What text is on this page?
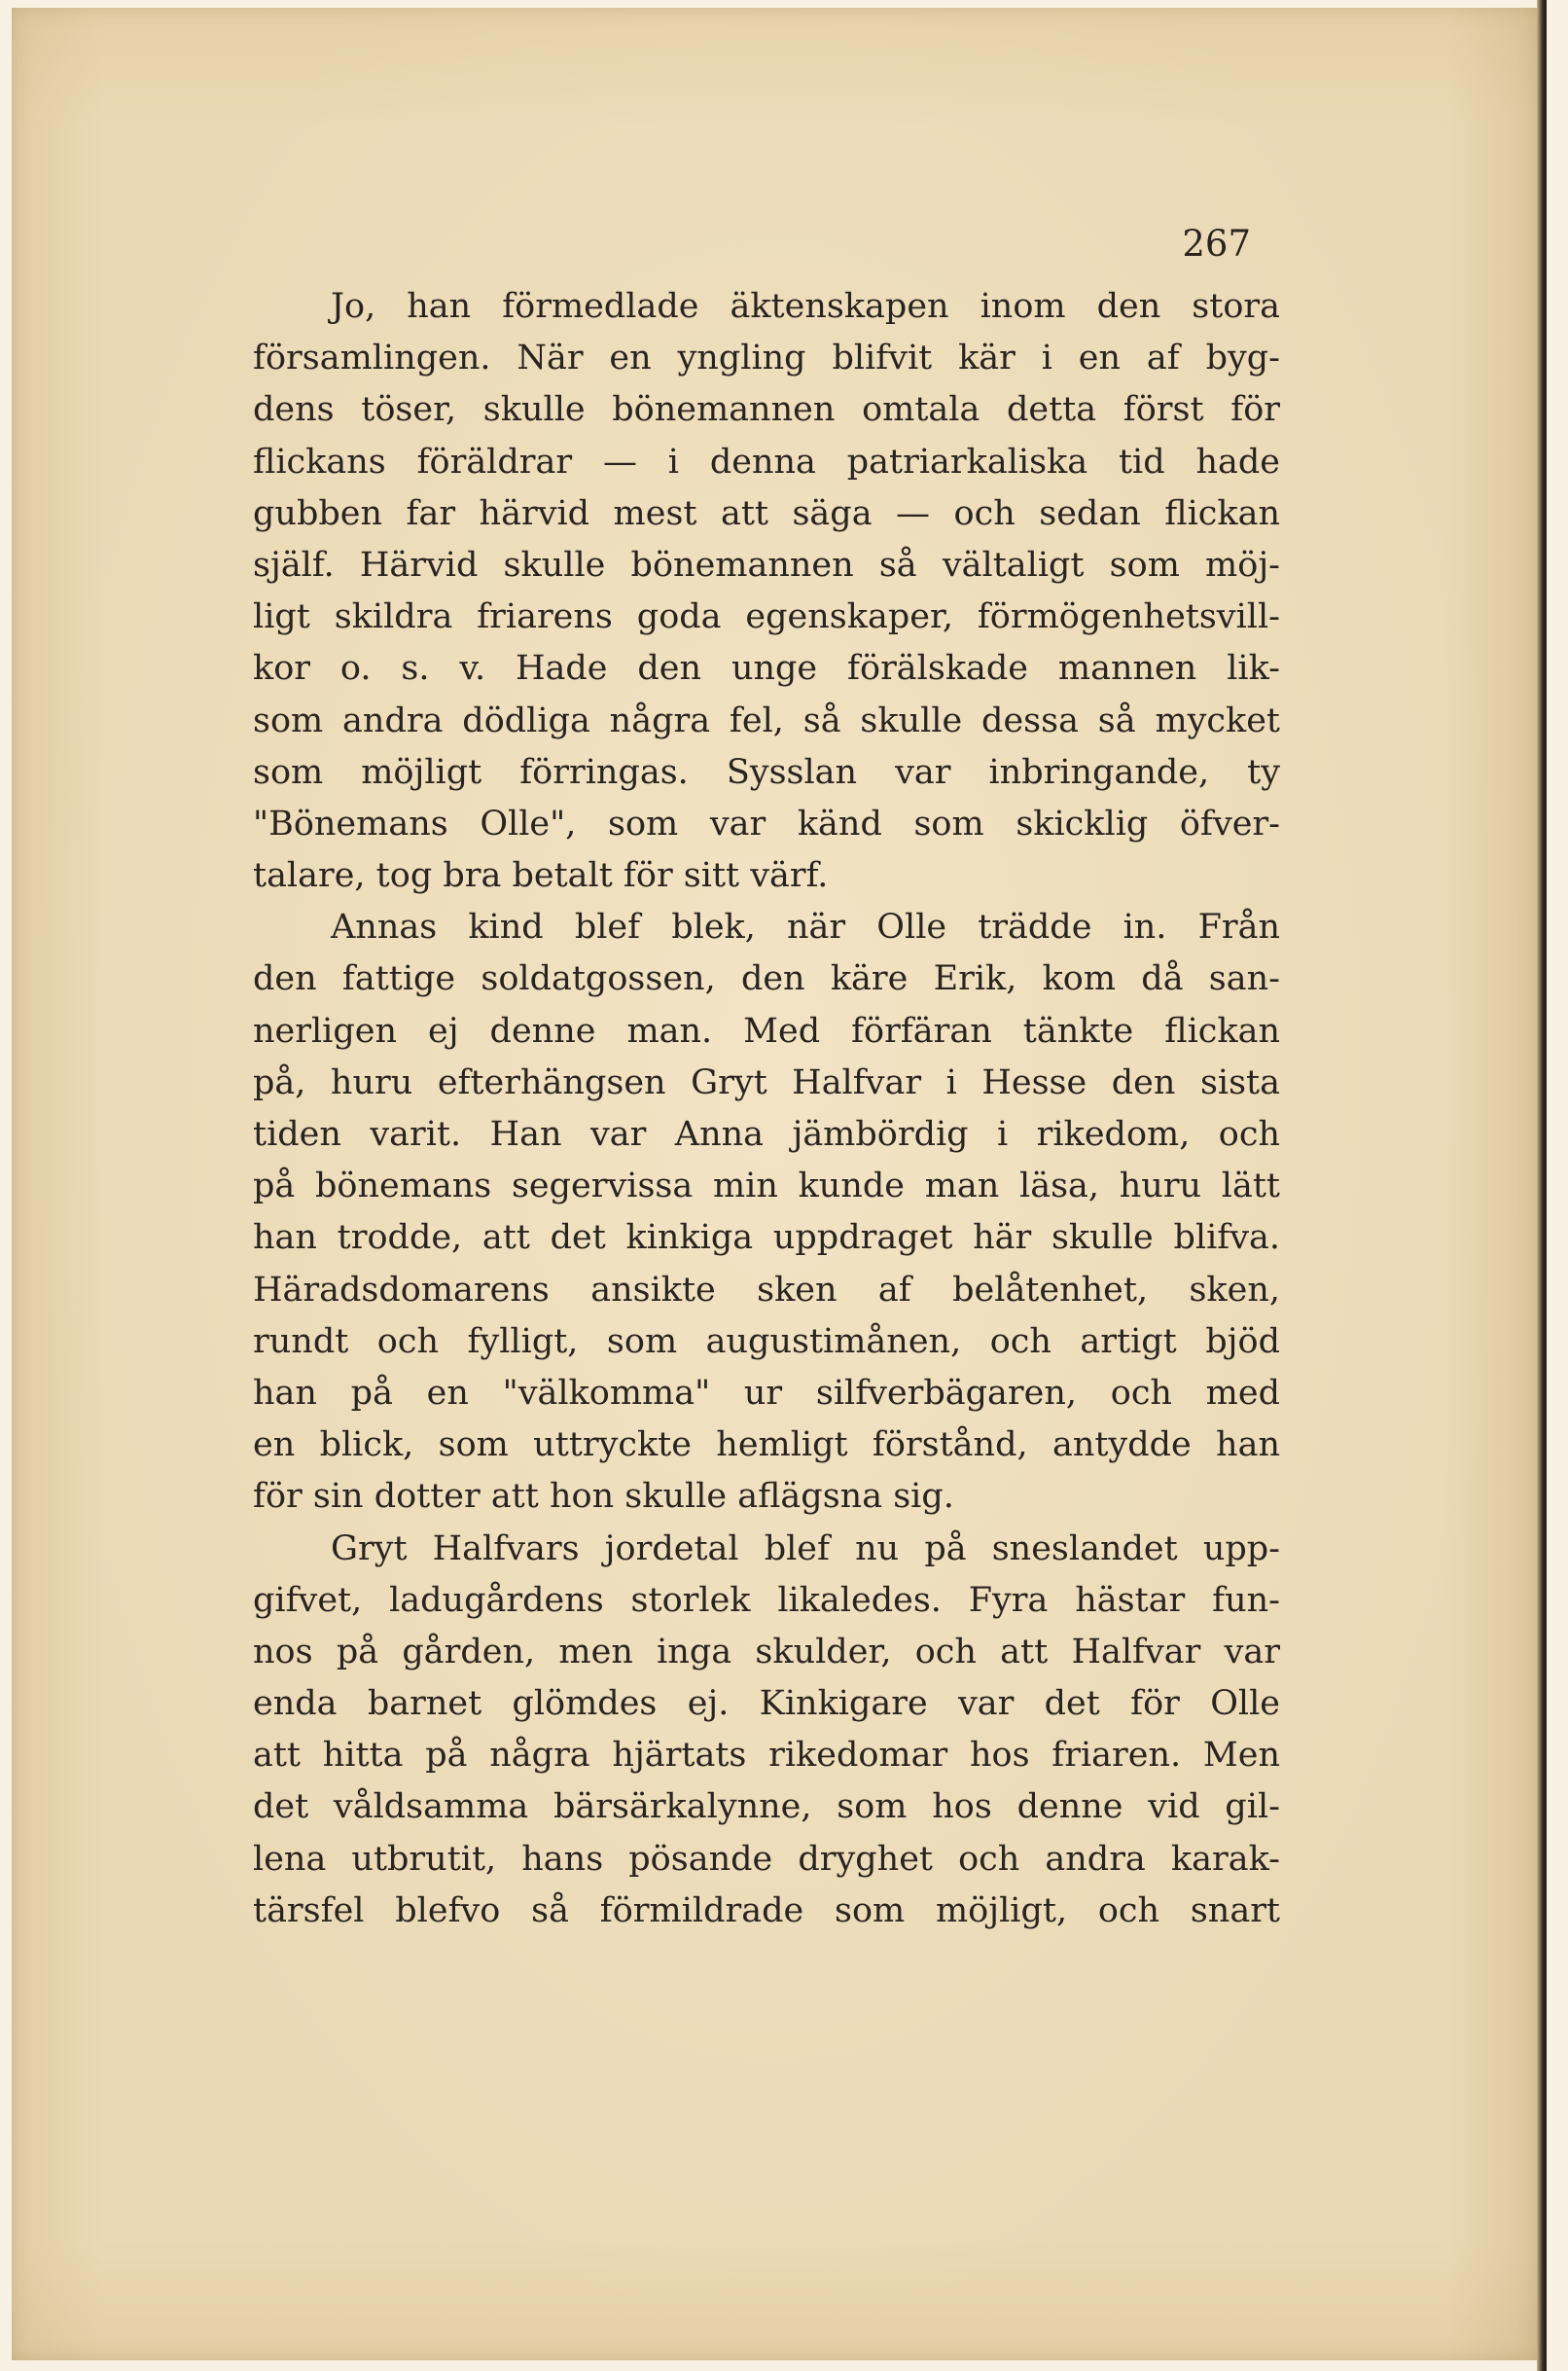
267

Jo, han förmedlade äktenskapen inom den stora
församlingen. När en yngling blifvit kär i en af byg-
dens töser, skulle bönemannen omtala detta först för
flickans föräldrar — i denna patriarkaliska tid hade
gubben far härvid mest att säga — och sedan flickan
själf. Härvid skulle bönemannen så vältaligt som möj-
ligt skildra friarens goda egenskaper, förmögenhetsvill-
kor o. s. v. Hade den unge förälskade mannen lik-
som andra dödliga några fel, så skulle dessa så mycket
som möjligt förringas. Sysslan var inbringande, ty
"Bönemans Olle", som var känd som skicklig öfver-
talare, tog bra betalt för sitt värf.
Annas kind blef blek, när Olle trädde in. Från
den fattige soldatgossen, den käre Erik, kom då san-
nerligen ej denne man. Med förfäran tänkte flickan
på, huru efterhängsen Gryt Halfvar i Hesse den sista
tiden varit. Han var Anna jämbördig i rikedom, och
på bönemans segervissa min kunde man läsa, huru lätt
han trodde, att det kinkiga uppdraget här skulle blifva.
Häradsdomarens ansikte sken af belåtenhet, sken,
rundt och fylligt, som augustimånen, och artigt bjöd
han på en "välkomma" ur silfverbägaren, och med
en blick, som uttryckte hemligt förstånd, antydde han
för sin dotter att hon skulle aflägsna sig.
Gryt Halfvars jordetal blef nu på sneslandet upp-
gifvet, ladugårdens storlek likaledes. Fyra hästar fun-
nos på gården, men inga skulder, och att Halfvar var
enda barnet glömdes ej. Kinkigare var det för Olle
att hitta på några hjärtats rikedomar hos friaren. Men
det våldsamma bärsärkalynne, som hos denne vid gil-
lena utbrutit, hans pösande dryghet och andra karak-
tärsfel blefvo så förmildrade som möjligt, och snart
